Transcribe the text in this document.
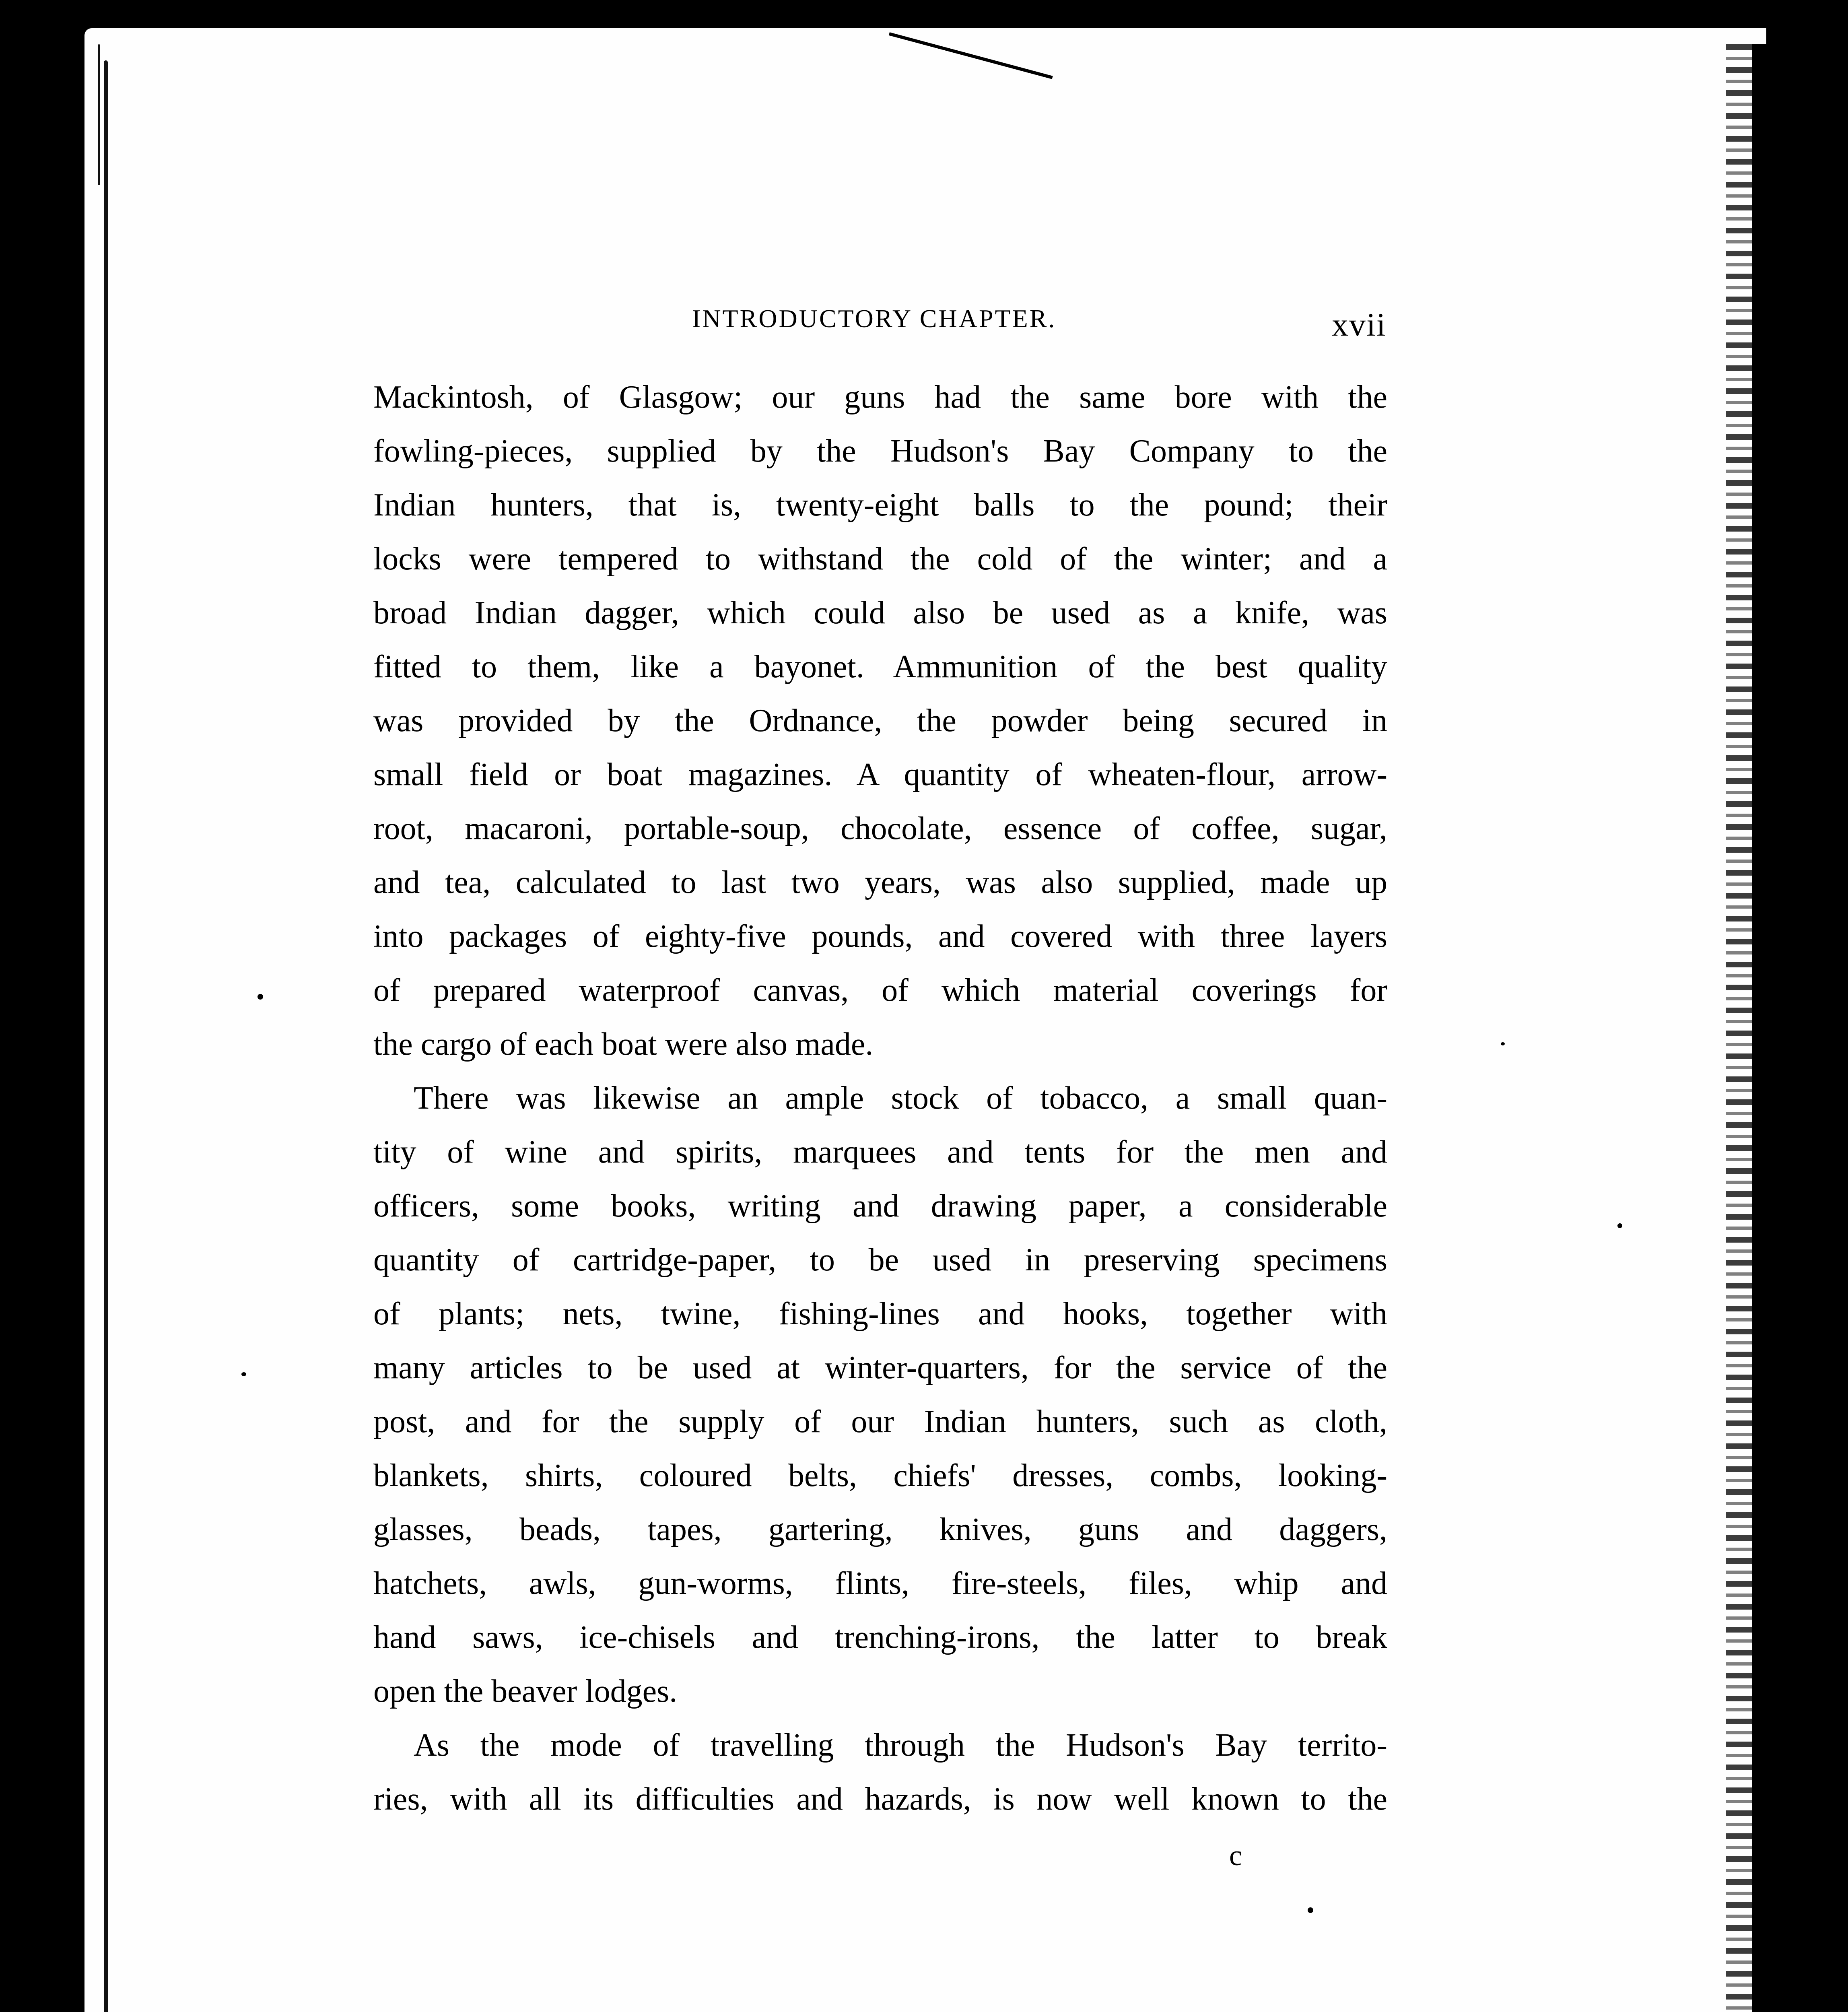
INTRODUCTORY CHAPTER.	xvii
Mackintosh, of Glasgow; our guns had the same bore with the
fowling-pieces, supplied by the Hudson's Bay Company to the
Indian hunters, that is, twenty-eight balls to the pound; their
locks were tempered to withstand the cold of the winter; and a
broad Indian dagger, which could also be used as a knife, was
fitted to them, like a bayonet. Ammunition of the best quality
was provided by the Ordnance, the powder being secured in
small field or boat magazines. A quantity of wheaten-flour, arrow-
root, macaroni, portable-soup, chocolate, essence of coffee, sugar,
and tea, calculated to last two years, was also supplied, made up
into packages of eighty-five pounds, and covered with three layers
of prepared waterproof canvas, of which material coverings for
the cargo of each boat were also made.
There was likewise an ample stock of tobacco, a small quan-
tity of wine and spirits, marquees and tents for the men and
officers, some books, writing and drawing paper, a considerable
quantity of cartridge-paper, to be used in preserving specimens
of plants; nets, twine, fishing-lines and hooks, together with
many articles to be used at winter-quarters, for the service of the
post, and for the supply of our Indian hunters, such as cloth,
blankets, shirts, coloured belts, chiefs' dresses, combs, looking-
glasses, beads, tapes, gartering, knives, guns and daggers,
hatchets, awls, gun-worms, flints, fire-steels, files, whip and
hand saws, ice-chisels and trenching-irons, the latter to break
open the beaver lodges.
As the mode of travelling through the Hudson's Bay territo-
ries, with all its difficulties and hazards, is now well known to the
c
